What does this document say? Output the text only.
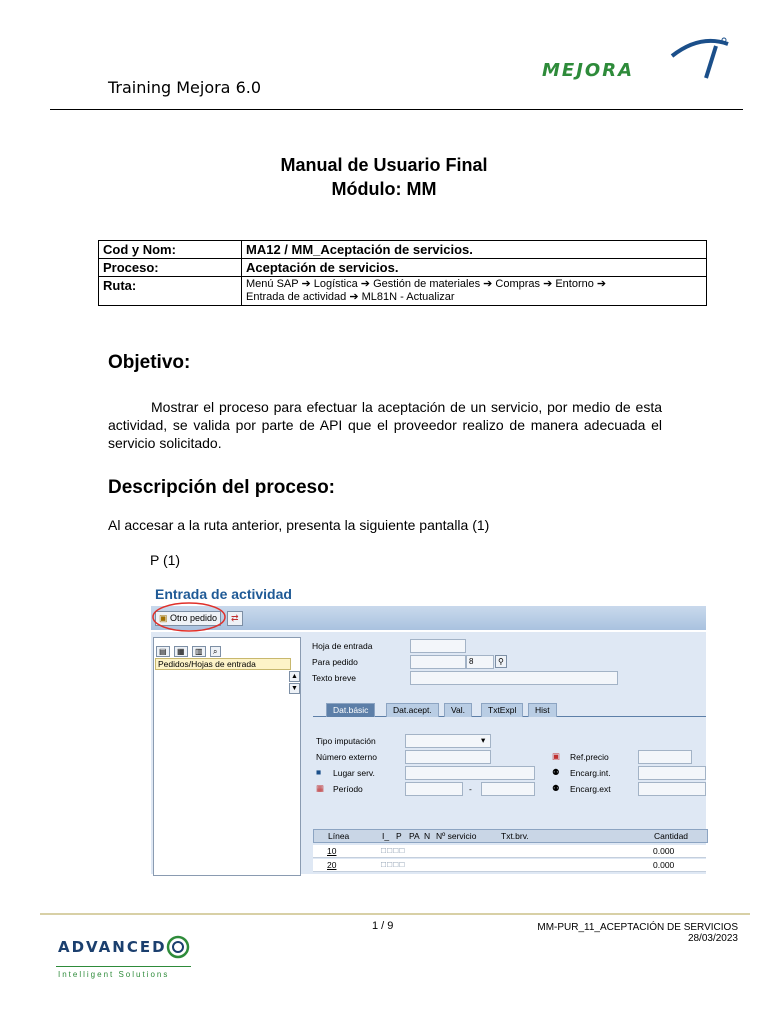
Training Mejora 6.0
MEJORA
Manual de Usuario Final
Módulo: MM
Cod y Nom:	MA12 / MM_Aceptación de servicios.
Proceso:	Aceptación de servicios.
Ruta:	Menú SAP ➔ Logística ➔ Gestión de materiales ➔ Compras ➔ Entorno ➔
Entrada de actividad ➔ ML81N - Actualizar
Objetivo:
Mostrar el proceso para efectuar la aceptación de un servicio, por medio de esta actividad, se valida por parte de API que el proveedor realizo de manera adecuada el servicio solicitado.
Descripción del proceso:
Al accesar a la ruta anterior, presenta la siguiente pantalla (1)
P (1)
Entrada de actividad
▣ Otro pedido	⇄
▤ ▦ ▥ ⌕
Pedidos/Hojas de entrada
▲
▼
Hoja de entrada
Para pedido	8	⚲
Texto breve
Dat.básic	Dat.acept.	Val.	TxtExpl	Hist
Tipo imputación	▾
Número externo
■ Lugar serv.
▦ Período	-
▣ Ref.precio
⚉ Encarg.int.
⚉ Encarg.ext
Línea	I_ P PA N Nº servicio	Txt.brv.	Cantidad
10	□□□□	0.000
20	□□□□	0.000
1 / 9	MM-PUR_11_ACEPTACIÓN DE SERVICIOS
28/03/2023
ADVANCED
Intelligent Solutions
